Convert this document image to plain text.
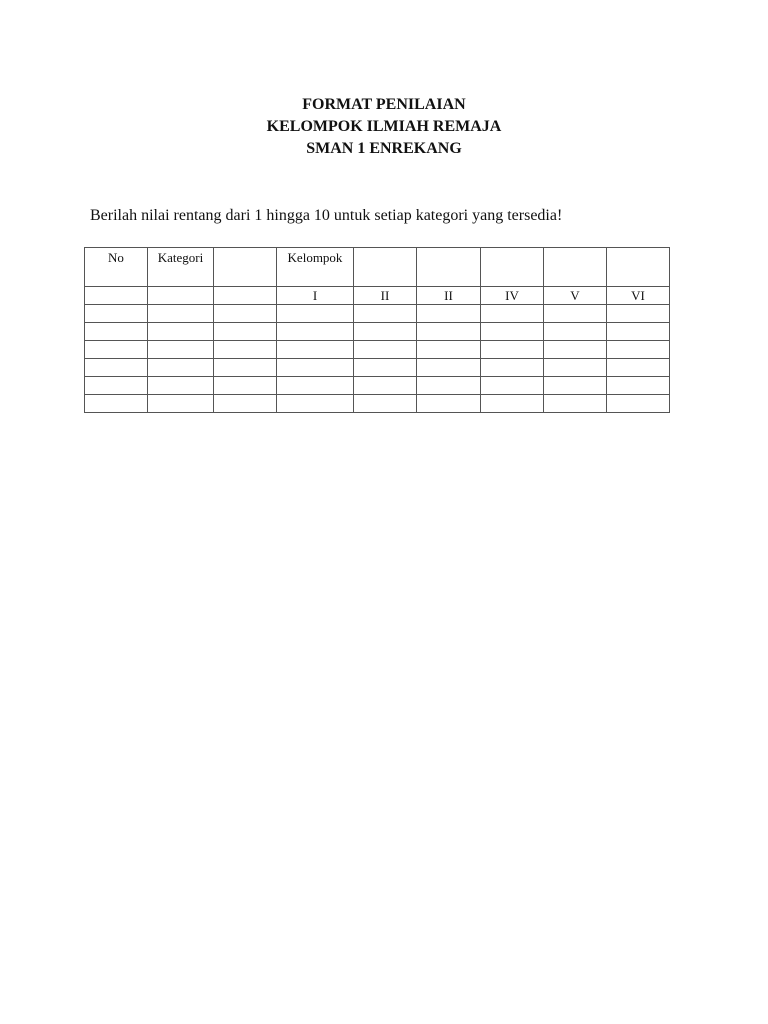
FORMAT PENILAIAN
KELOMPOK ILMIAH REMAJA
SMAN 1 ENREKANG
Berilah nilai rentang dari 1 hingga 10 untuk setiap kategori yang tersedia!
No	Kategori		Kelompok					
			I	II	II	IV	V	VI
